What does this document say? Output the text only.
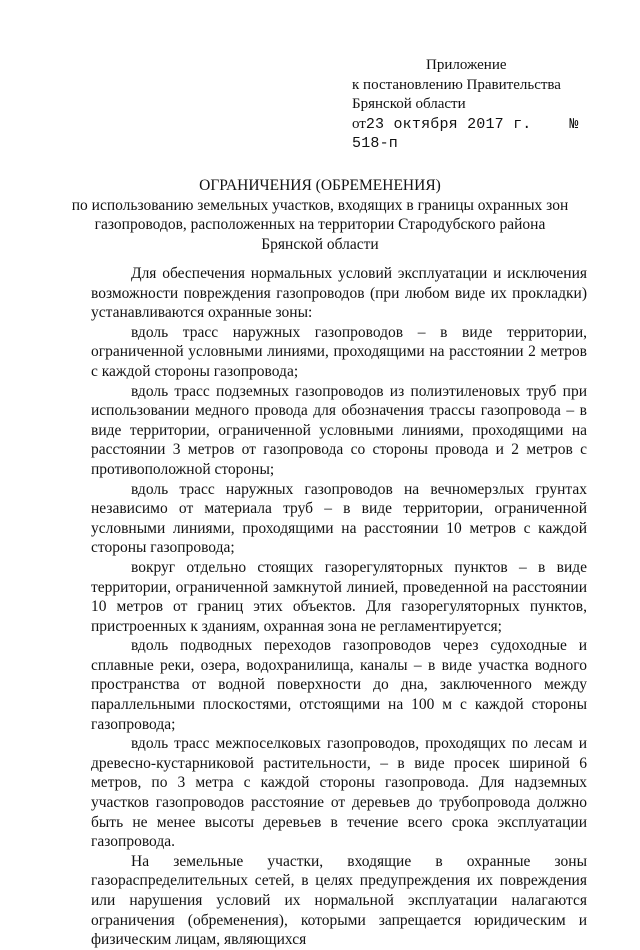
Приложение
к постановлению Правительства
Брянской области
от23 октября 2017 г.	№ 518-п
ОГРАНИЧЕНИЯ (ОБРЕМЕНЕНИЯ)
по использованию земельных участков, входящих в границы охранных зон
газопроводов, расположенных на территории Стародубского района
Брянской области

Для обеспечения нормальных условий эксплуатации и исключения возможности повреждения газопроводов (при любом виде их прокладки) устанавливаются охранные зоны:

вдоль трасс наружных газопроводов – в виде территории, ограниченной условными линиями, проходящими на расстоянии 2 метров с каждой стороны газопровода;

вдоль трасс подземных газопроводов из полиэтиленовых труб при использовании медного провода для обозначения трассы газопровода – в виде территории, ограниченной условными линиями, проходящими на расстоянии 3 метров от газопровода со стороны провода и 2 метров с противоположной стороны;

вдоль трасс наружных газопроводов на вечномерзлых грунтах независимо от материала труб – в виде территории, ограниченной условными линиями, проходящими на расстоянии 10 метров с каждой стороны газопровода;

вокруг отдельно стоящих газорегуляторных пунктов – в виде территории, ограниченной замкнутой линией, проведенной на расстоянии 10 метров от границ этих объектов. Для газорегуляторных пунктов, пристроенных к зданиям, охранная зона не регламентируется;

вдоль подводных переходов газопроводов через судоходные и сплавные реки, озера, водохранилища, каналы – в виде участка водного пространства от водной поверхности до дна, заключенного между параллельными плоскостями, отстоящими на 100 м с каждой стороны газопровода;

вдоль трасс межпоселковых газопроводов, проходящих по лесам и древесно-кустарниковой растительности, – в виде просек шириной 6 метров, по 3 метра с каждой стороны газопровода. Для надземных участков газопроводов расстояние от деревьев до трубопровода должно быть не менее высоты деревьев в течение всего срока эксплуатации газопровода.

На земельные участки, входящие в охранные зоны газораспределительных сетей, в целях предупреждения их повреждения или нарушения условий их нормальной эксплуатации налагаются ограничения (обременения), которыми запрещается юридическим и физическим лицам, являющихся
